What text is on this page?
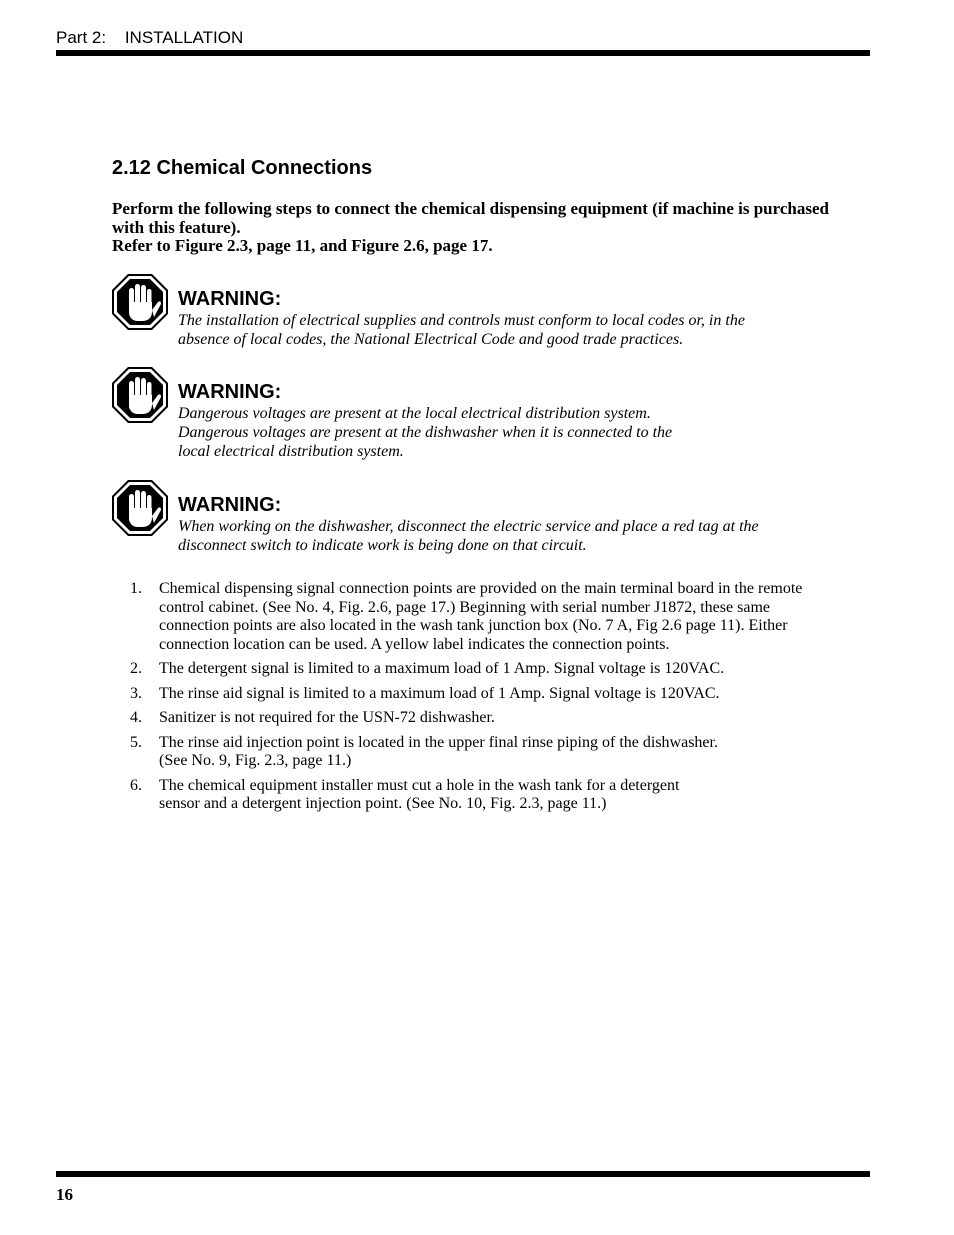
Part 2: INSTALLATION
2.12 Chemical Connections

Perform the following steps to connect the chemical dispensing equipment (if machine is purchased with this feature).

Refer to Figure 2.3, page 11, and Figure 2.6, page 17.

WARNING:

The installation of electrical supplies and controls must conform to local codes or, in the

absence of local codes, the National Electrical Code and good trade practices.

WARNING:

Dangerous voltages are present at the local electrical distribution system.

Dangerous voltages are present at the dishwasher when it is connected to the

local electrical distribution system.

WARNING:

When working on the dishwasher, disconnect the electric service and place a red tag at the

disconnect switch to indicate work is being done on that circuit.

1. Chemical dispensing signal connection points are provided on the main terminal board in the remote
control cabinet. (See No. 4, Fig. 2.6, page 17.) Beginning with serial number J1872, these same
connection points are also located in the wash tank junction box (No. 7 A, Fig 2.6 page 11). Either
connection location can be used. A yellow label indicates the connection points.
2. The detergent signal is limited to a maximum load of 1 Amp. Signal voltage is 120VAC.
3. The rinse aid signal is limited to a maximum load of 1 Amp. Signal voltage is 120VAC.
4. Sanitizer is not required for the USN-72 dishwasher.
5. The rinse aid injection point is located in the upper final rinse piping of the dishwasher.
(See No. 9, Fig. 2.3, page 11.)
6. The chemical equipment installer must cut a hole in the wash tank for a detergent
sensor and a detergent injection point. (See No. 10, Fig. 2.3, page 11.)
16
